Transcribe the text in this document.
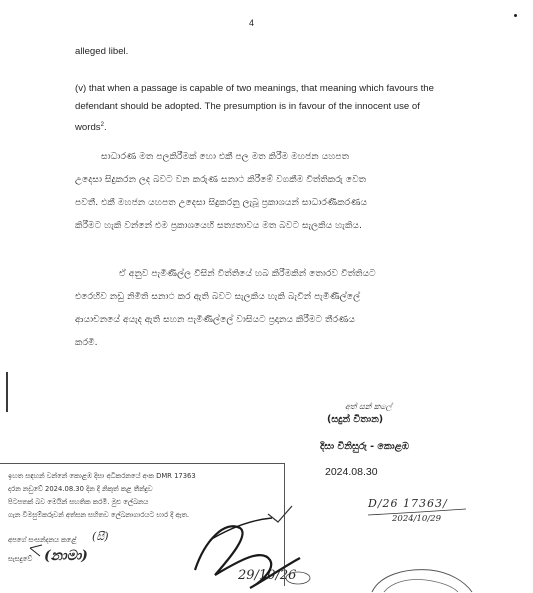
4
alleged libel.
(v) that when a passage is capable of two meanings, that meaning which favours the defendant should be adopted. The presumption is in favour of the innocent use of words$^2$.
සාධාරණ මත පලකිරීමක් හො එකී පල මත කිරීම මහජන යහපත
උදෙසා සිදුකරන ලද බවට වන කරුණ සනාථ කිරීමේ වගකීම විත්තිකරු වෙත
පවතී. එකී මහජන යහපත උදෙසා සිදුකරනු ලැබූ ප්‍රකාශයන් සාධාරණීකරණය
කිරීමට හැකි වන්නේ එම ප්‍රකාශයෙහි සත්‍යතාවය මත බවට සැලකිය හැකිය.
ඒ අනුව පැමිණිල්ල විසින් විත්තියේ හබ කිරීමකින් තොරව විත්තියට
එරෙහිව නඩු නිමිති සනාථ කර ඇති බවට සැලකිය හැකි බැවින් පැමිණිල්ලේ
ආයාචනයේ අයැද ඇති සහන පැමිණිල්ලේ වාසියට ප්‍රදානය කිරීමට තීරණය
කරමි.
අත් සන් කලේ
(සදුන් විතාන)
දිසා විනිසුරු - කොළඹ
2024.08.30
D/26 17363/
2024/10/29
29/10/26
ඉහත සඳහන් වන්නේ කොළඹ දිසා අධිකරනයේ අංක DMR 17363
දරන නඩුවේ 2024.08.30 දින දී නිකුත් කළ තීන්දුව
පිටපතක් බව මෙයින් සහතික කරමි. මුළු ලේඛනය
ගැන විමසුම්කරුවන් අත්සන සහිතව ලේඛනාගාරයට භාර දී ඇත.
අපගේ සංසන්දනය කළේ
සැසදුවේ
(සී)
(නාමා)
